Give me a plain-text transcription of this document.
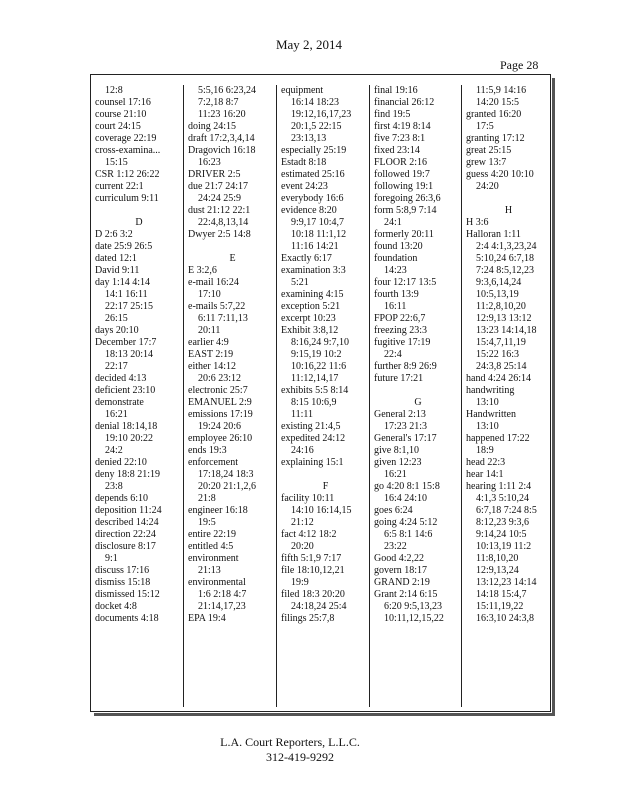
May 2, 2014
Page 28
12:8
counsel 17:16
course 21:10
court 24:15
coverage 22:19
cross-examina...
15:15
CSR 1:12 26:22
current 22:1
curriculum 9:11
D
D 2:6 3:2
date 25:9 26:5
dated 12:1
David 9:11
day 1:14 4:14
14:1 16:11
22:17 25:15
26:15
days 20:10
December 17:7
18:13 20:14
22:17
decided 4:13
deficient 23:10
demonstrate
16:21
denial 18:14,18
19:10 20:22
24:2
denied 22:10
deny 18:8 21:19
23:8
depends 6:10
deposition 11:24
described 14:24
direction 22:24
disclosure 8:17
9:1
discuss 17:16
dismiss 15:18
dismissed 15:12
docket 4:8
documents 4:18
5:5,16 6:23,24
7:2,18 8:7
11:23 16:20
doing 24:15
draft 17:2,3,4,14
Dragovich 16:18
16:23
DRIVER 2:5
due 21:7 24:17
24:24 25:9
dust 21:12 22:1
22:4,8,13,14
Dwyer 2:5 14:8
E
E 3:2,6
e-mail 16:24
17:10
e-mails 5:7,22
6:11 7:11,13
20:11
earlier 4:9
EAST 2:19
either 14:12
20:6 23:12
electronic 25:7
EMANUEL 2:9
emissions 17:19
19:24 20:6
employee 26:10
ends 19:3
enforcement
17:18,24 18:3
20:20 21:1,2,6
21:8
engineer 16:18
19:5
entire 22:19
entitled 4:5
environment
21:13
environmental
1:6 2:18 4:7
21:14,17,23
EPA 19:4
equipment
16:14 18:23
19:12,16,17,23
20:1,5 22:15
23:13,13
especially 25:19
Estadt 8:18
estimated 25:16
event 24:23
everybody 16:6
evidence 8:20
9:9,17 10:4,7
10:18 11:1,12
11:16 14:21
Exactly 6:17
examination 3:3
5:21
examining 4:15
exception 5:21
excerpt 10:23
Exhibit 3:8,12
8:16,24 9:7,10
9:15,19 10:2
10:16,22 11:6
11:12,14,17
exhibits 5:5 8:14
8:15 10:6,9
11:11
existing 21:4,5
expedited 24:12
24:16
explaining 15:1
F
facility 10:11
14:10 16:14,15
21:12
fact 4:12 18:2
20:20
fifth 5:1,9 7:17
file 18:10,12,21
19:9
filed 18:3 20:20
24:18,24 25:4
filings 25:7,8
final 19:16
financial 26:12
find 19:5
first 4:19 8:14
five 7:23 8:1
fixed 23:14
FLOOR 2:16
followed 19:7
following 19:1
foregoing 26:3,6
form 5:8,9 7:14
24:1
formerly 20:11
found 13:20
foundation
14:23
four 12:17 13:5
fourth 13:9
16:11
FPOP 22:6,7
freezing 23:3
fugitive 17:19
22:4
further 8:9 26:9
future 17:21
G
General 2:13
17:23 21:3
General's 17:17
give 8:1,10
given 12:23
16:21
go 4:20 8:1 15:8
16:4 24:10
goes 6:24
going 4:24 5:12
6:5 8:1 14:6
23:22
Good 4:2,22
govern 18:17
GRAND 2:19
Grant 2:14 6:15
6:20 9:5,13,23
10:11,12,15,22
11:5,9 14:16
14:20 15:5
granted 16:20
17:5
granting 17:12
great 25:15
grew 13:7
guess 4:20 10:10
24:20
H
H 3:6
Halloran 1:11
2:4 4:1,3,23,24
5:10,24 6:7,18
7:24 8:5,12,23
9:3,6,14,24
10:5,13,19
11:2,8,10,20
12:9,13 13:12
13:23 14:14,18
15:4,7,11,19
15:22 16:3
24:3,8 25:14
hand 4:24 26:14
handwriting
13:10
Handwritten
13:10
happened 17:22
18:9
head 22:3
hear 14:1
hearing 1:11 2:4
4:1,3 5:10,24
6:7,18 7:24 8:5
8:12,23 9:3,6
9:14,24 10:5
10:13,19 11:2
11:8,10,20
12:9,13,24
13:12,23 14:14
14:18 15:4,7
15:11,19,22
16:3,10 24:3,8
L.A. Court Reporters, L.L.C.
312-419-9292
